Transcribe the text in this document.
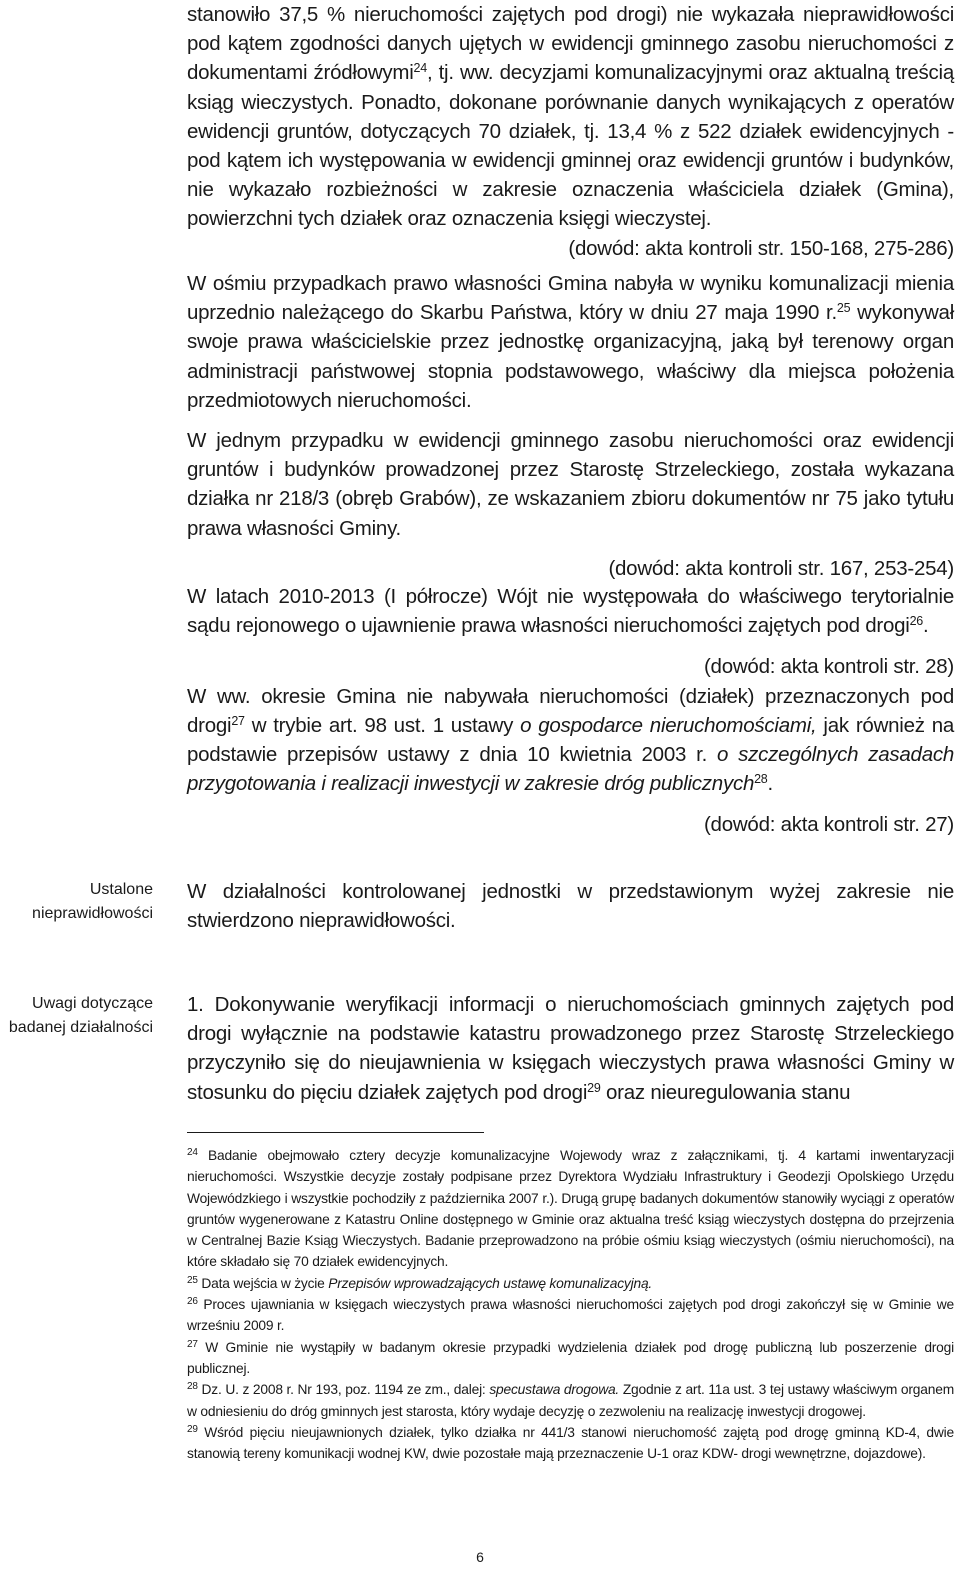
stanowiło 37,5 % nieruchomości zajętych pod drogi) nie wykazała nieprawidłowości pod kątem zgodności danych ujętych w ewidencji gminnego zasobu nieruchomości z dokumentami źródłowymi$^{24}$, tj. ww. decyzjami komunalizacyjnymi oraz aktualną treścią ksiąg wieczystych. Ponadto, dokonane porównanie danych wynikających z operatów ewidencji gruntów, dotyczących 70 działek, tj. 13,4 % z 522 działek ewidencyjnych - pod kątem ich występowania w ewidencji gminnej oraz ewidencji gruntów i budynków, nie wykazało rozbieżności w zakresie oznaczenia właściciela działek (Gmina), powierzchni tych działek oraz oznaczenia księgi wieczystej.

(dowód: akta kontroli str. 150-168, 275-286)

W ośmiu przypadkach prawo własności Gmina nabyła w wyniku komunalizacji mienia uprzednio należącego do Skarbu Państwa, który w dniu 27 maja 1990 r.$^{25}$ wykonywał swoje prawa właścicielskie przez jednostkę organizacyjną, jaką był terenowy organ administracji państwowej stopnia podstawowego, właściwy dla miejsca położenia przedmiotowych nieruchomości.

W jednym przypadku w ewidencji gminnego zasobu nieruchomości oraz ewidencji gruntów i budynków prowadzonej przez Starostę Strzeleckiego, została wykazana działka nr 218/3 (obręb Grabów), ze wskazaniem zbioru dokumentów nr 75 jako tytułu prawa własności Gminy.

(dowód: akta kontroli str. 167, 253-254)

W latach 2010-2013 (I półrocze) Wójt nie występowała do właściwego terytorialnie sądu rejonowego o ujawnienie prawa własności nieruchomości zajętych pod drogi$^{26}$.

(dowód: akta kontroli str. 28)

W ww. okresie Gmina nie nabywała nieruchomości (działek) przeznaczonych pod drogi$^{27}$ w trybie art. 98 ust. 1 ustawy o gospodarce nieruchomościami, jak również na podstawie przepisów ustawy z dnia 10 kwietnia 2003 r. o szczególnych zasadach przygotowania i realizacji inwestycji w zakresie dróg publicznych$^{28}$.

(dowód: akta kontroli str. 27)

Ustalone
nieprawidłowości

W działalności kontrolowanej jednostki w przedstawionym wyżej zakresie nie stwierdzono nieprawidłowości.

Uwagi dotyczące
badanej działalności

1. Dokonywanie weryfikacji informacji o nieruchomościach gminnych zajętych pod drogi wyłącznie na podstawie katastru prowadzonego przez Starostę Strzeleckiego przyczyniło się do nieujawnienia w księgach wieczystych prawa własności Gminy w stosunku do pięciu działek zajętych pod drogi$^{29}$ oraz nieuregulowania stanu

$^{24}$ Badanie obejmowało cztery decyzje komunalizacyjne Wojewody wraz z załącznikami, tj. 4 kartami inwentaryzacji nieruchomości. Wszystkie decyzje zostały podpisane przez Dyrektora Wydziału Infrastruktury i Geodezji Opolskiego Urzędu Wojewódzkiego i wszystkie pochodziły z października 2007 r.). Drugą grupę badanych dokumentów stanowiły wyciągi z operatów gruntów wygenerowane z Katastru Online dostępnego w Gminie oraz aktualna treść ksiąg wieczystych dostępna do przejrzenia w Centralnej Bazie Ksiąg Wieczystych. Badanie przeprowadzono na próbie ośmiu ksiąg wieczystych (ośmiu nieruchomości), na które składało się 70 działek ewidencyjnych.

$^{25}$ Data wejścia w życie Przepisów wprowadzających ustawę komunalizacyjną.

$^{26}$ Proces ujawniania w księgach wieczystych prawa własności nieruchomości zajętych pod drogi zakończył się w Gminie we wrześniu 2009 r.

$^{27}$ W Gminie nie wystąpiły w badanym okresie przypadki wydzielenia działek pod drogę publiczną lub poszerzenie drogi publicznej.

$^{28}$ Dz. U. z 2008 r. Nr 193, poz. 1194 ze zm., dalej: specustawa drogowa. Zgodnie z art. 11a ust. 3 tej ustawy właściwym organem w odniesieniu do dróg gminnych jest starosta, który wydaje decyzję o zezwoleniu na realizację inwestycji drogowej.

$^{29}$ Wśród pięciu nieujawnionych działek, tylko działka nr 441/3 stanowi nieruchomość zajętą pod drogę gminną KD-4, dwie stanowią tereny komunikacji wodnej KW, dwie pozostałe mają przeznaczenie U-1 oraz KDW- drogi wewnętrzne, dojazdowe).

6
